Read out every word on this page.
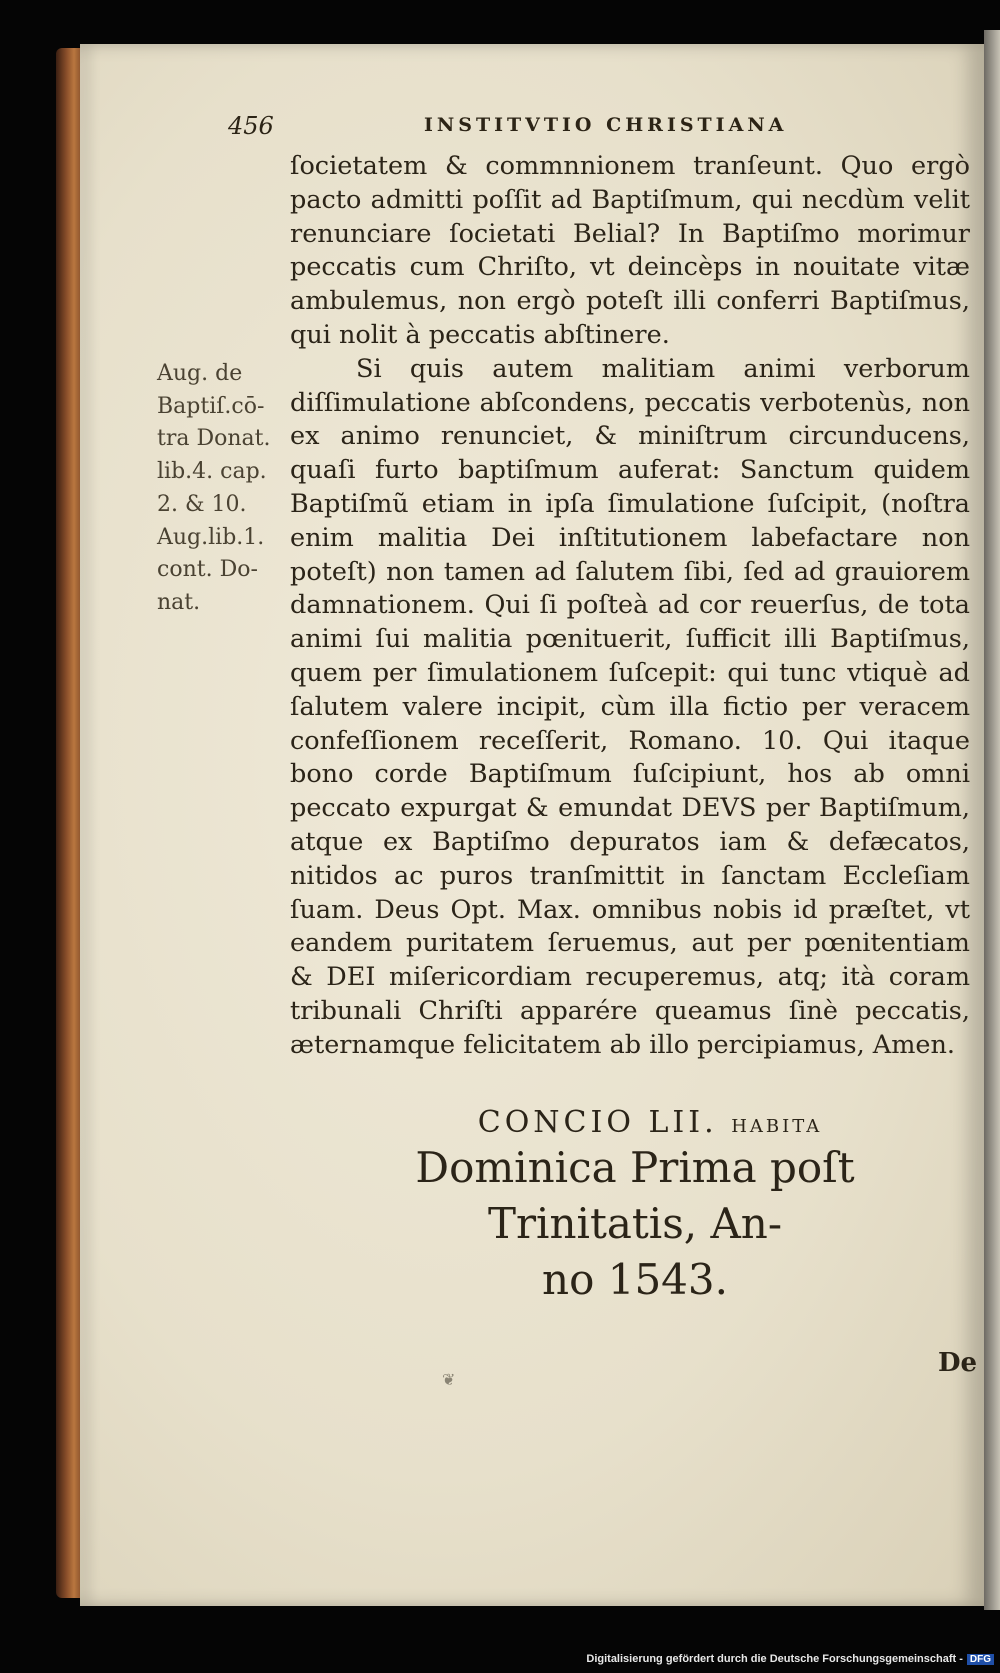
456	INSTITVTIO CHRISTIANA
Aug. de
Baptiſ.cō-
tra Donat.
lib.4. cap.
2. & 10.
Aug.lib.1.
cont. Do-
nat.

ſocietatem & commnnionem tranſeunt. Quo ergò pacto admitti poſſit ad Baptiſmum, qui necdùm velit renunciare ſocietati Belial? In Baptiſmo morimur peccatis cum Chriſto, vt deincèps in nouitate vitæ ambulemus, non ergò poteſt illi conferri Baptiſmus, qui nolit à peccatis abſtinere.

Si quis autem malitiam animi verborum diſſimulatione abſcondens, peccatis verbotenùs, non ex animo renunciet, & miniſtrum circunducens, quaſi furto baptiſmum auferat: Sanctum quidem Baptiſmũ etiam in ipſa ſimulatione ſuſcipit, (noſtra enim malitia Dei inſtitutionem labefactare non poteſt) non tamen ad ſalutem ſibi, ſed ad grauiorem damnationem. Qui ſi poſteà ad cor reuerſus, de tota animi ſui malitia pœnituerit, ſufficit illi Baptiſmus, quem per ſimulationem ſuſcepit: qui tunc vtiquè ad ſalutem valere incipit, cùm illa fictio per veracem confeſſionem receſſerit, Romano. 10. Qui itaque bono corde Baptiſmum ſuſcipiunt, hos ab omni peccato expurgat & emundat DEVS per Baptiſmum, atque ex Baptiſmo depuratos iam & defæcatos, nitidos ac puros tranſmittit in ſanctam Eccleſiam ſuam. Deus Opt. Max. omnibus nobis id præſtet, vt eandem puritatem ſeruemus, aut per pœnitentiam & DEI miſericordiam recuperemus, atq; ità coram tribunali Chriſti apparére queamus ſinè peccatis, æternamque felicitatem ab illo percipiamus, Amen.

CONCIO LII. HABITA
Dominica Prima poſt
Trinitatis, An-
no 1543.
❦
De
Digitalisierung gefördert durch die Deutsche Forschungsgemeinschaft - DFG
